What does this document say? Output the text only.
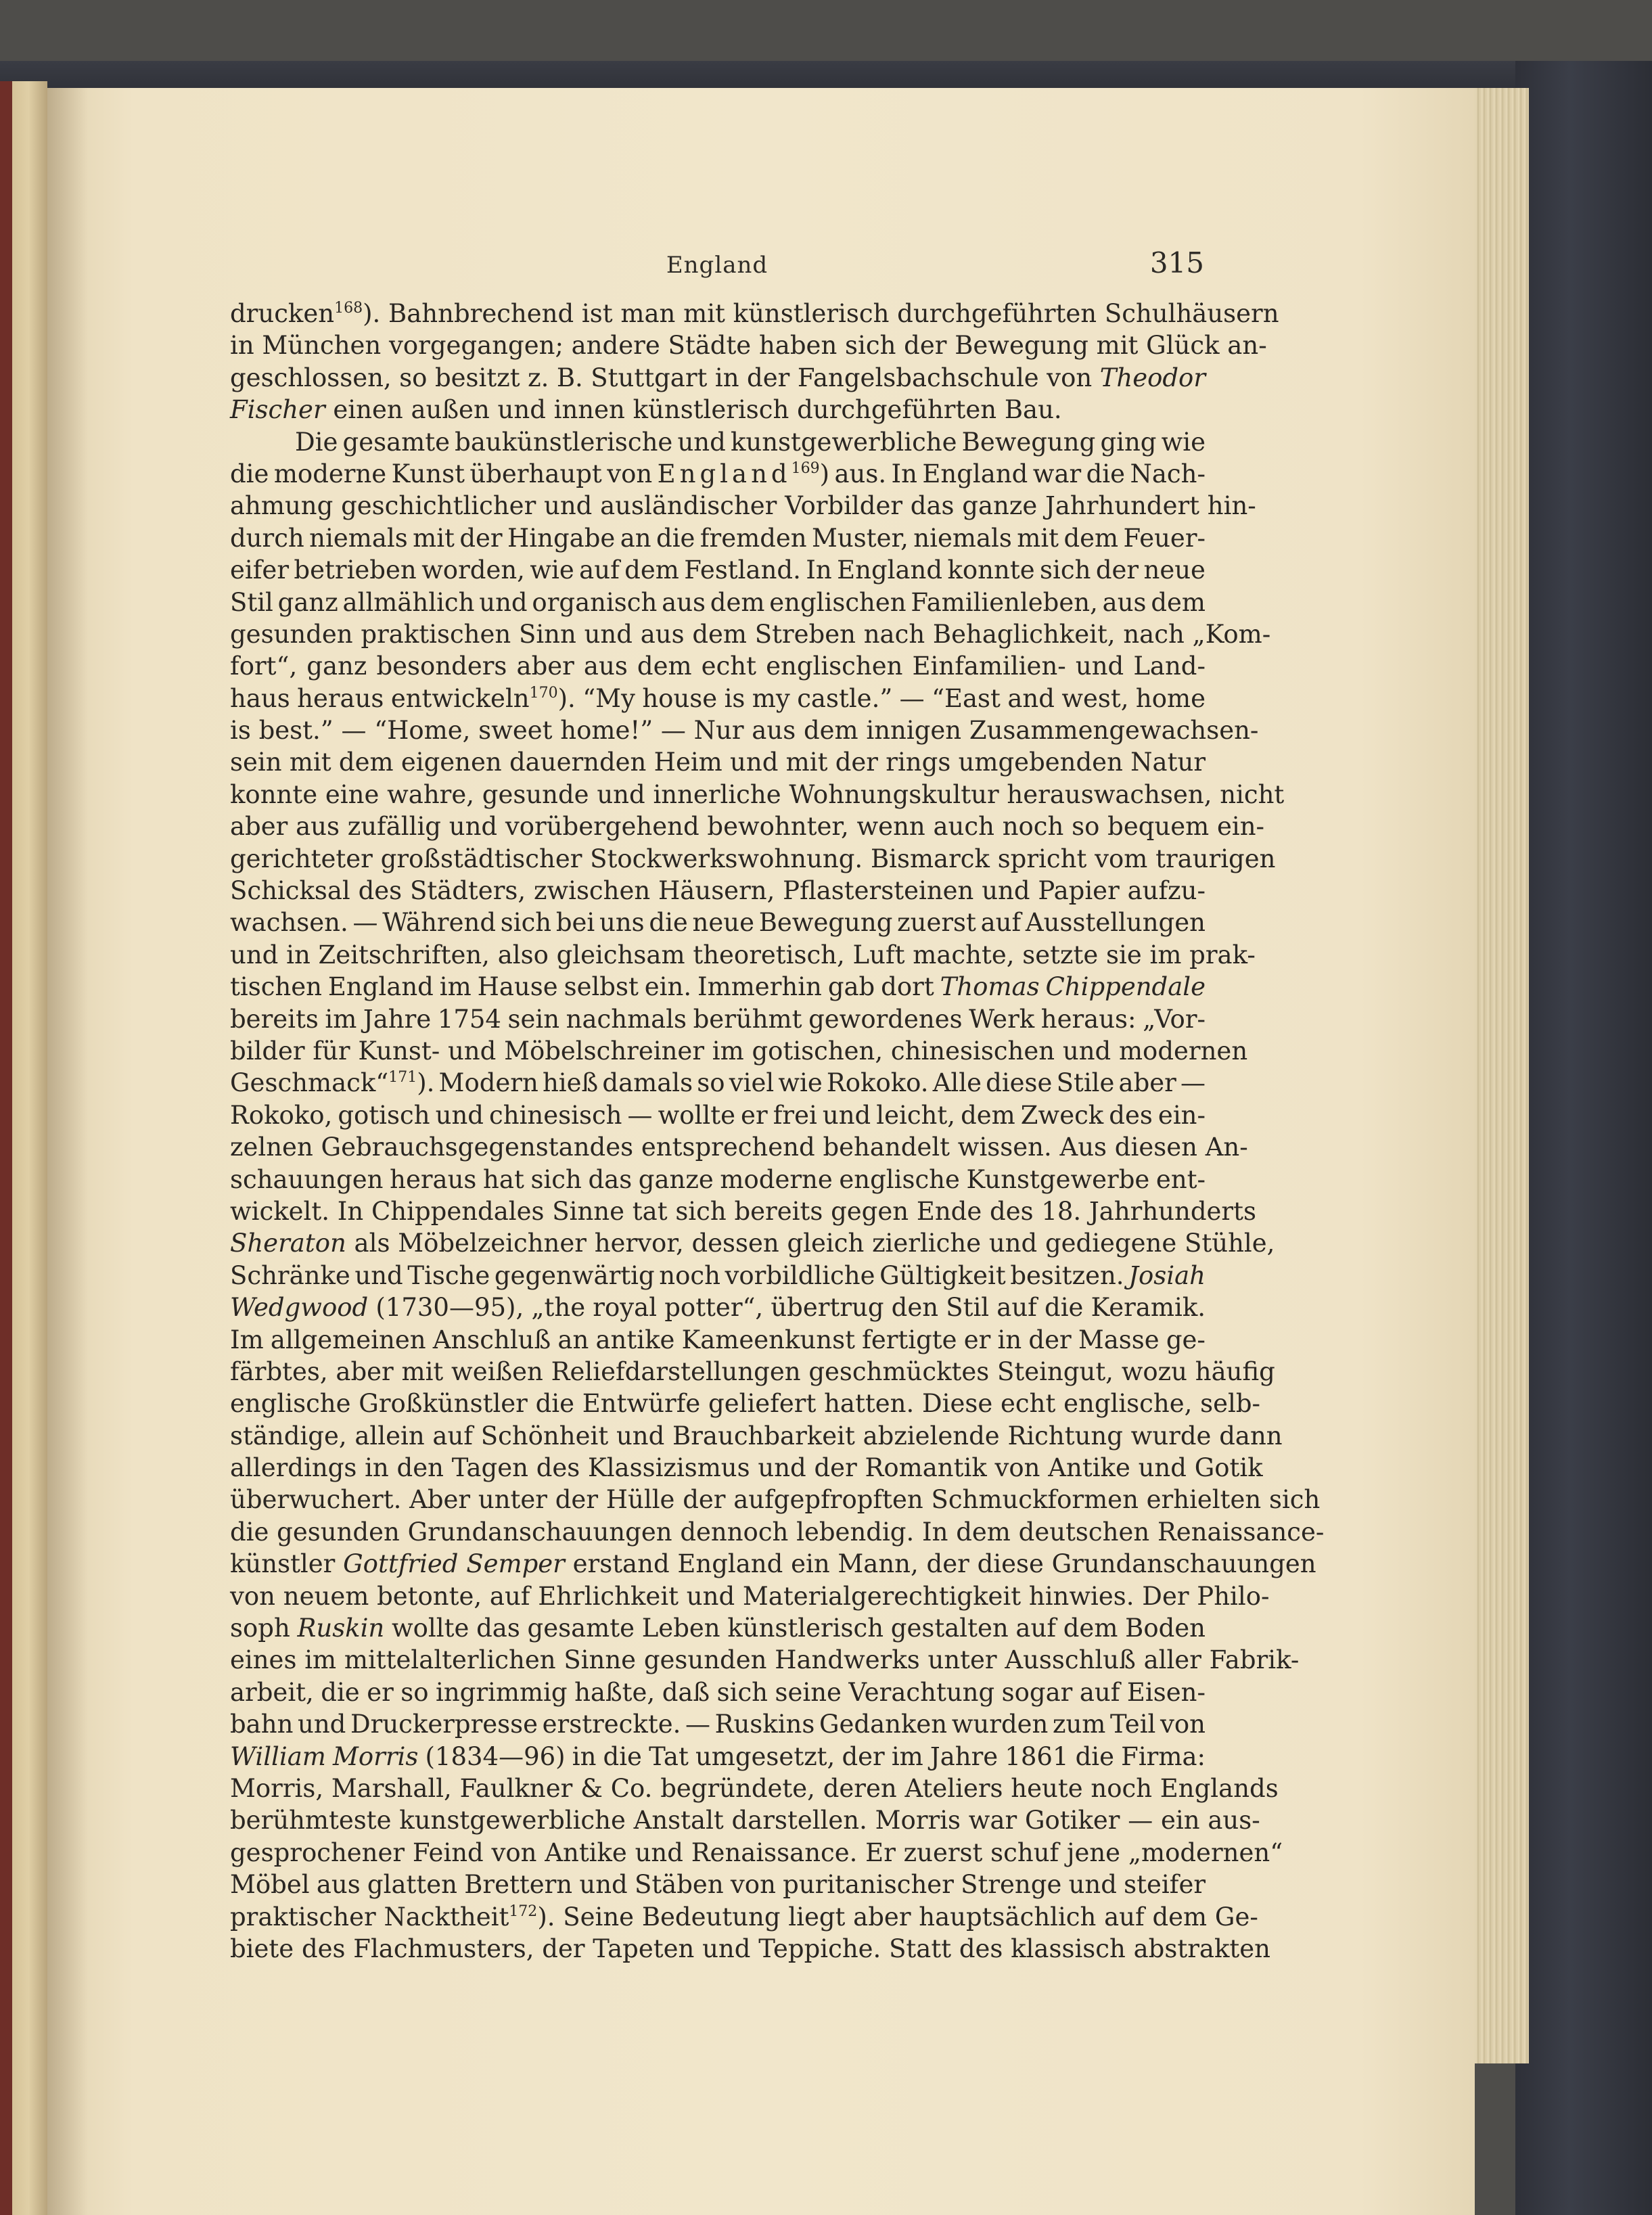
England	315
drucken$^{168}$). Bahnbrechend ist man mit künstlerisch durchgeführten Schulhäusern
in München vorgegangen; andere Städte haben sich der Bewegung mit Glück an-
geschlossen, so besitzt z. B. Stuttgart in der Fangelsbachschule von Theodor
Fischer einen außen und innen künstlerisch durchgeführten Bau.
Die gesamte baukünstlerische und kunstgewerbliche Bewegung ging wie
die moderne Kunst überhaupt von England$^{169}$) aus. In England war die Nach-
ahmung geschichtlicher und ausländischer Vorbilder das ganze Jahrhundert hin-
durch niemals mit der Hingabe an die fremden Muster, niemals mit dem Feuer-
eifer betrieben worden, wie auf dem Festland. In England konnte sich der neue
Stil ganz allmählich und organisch aus dem englischen Familienleben, aus dem
gesunden praktischen Sinn und aus dem Streben nach Behaglichkeit, nach „Kom-
fort“, ganz besonders aber aus dem echt englischen Einfamilien- und Land-
haus heraus entwickeln$^{170}$). “My house is my castle.” — “East and west, home
is best.” — “Home, sweet home!” — Nur aus dem innigen Zusammengewachsen-
sein mit dem eigenen dauernden Heim und mit der rings umgebenden Natur
konnte eine wahre, gesunde und innerliche Wohnungskultur herauswachsen, nicht
aber aus zufällig und vorübergehend bewohnter, wenn auch noch so bequem ein-
gerichteter großstädtischer Stockwerkswohnung. Bismarck spricht vom traurigen
Schicksal des Städters, zwischen Häusern, Pflastersteinen und Papier aufzu-
wachsen. — Während sich bei uns die neue Bewegung zuerst auf Ausstellungen
und in Zeitschriften, also gleichsam theoretisch, Luft machte, setzte sie im prak-
tischen England im Hause selbst ein. Immerhin gab dort Thomas Chippendale
bereits im Jahre 1754 sein nachmals berühmt gewordenes Werk heraus: „Vor-
bilder für Kunst- und Möbelschreiner im gotischen, chinesischen und modernen
Geschmack“$^{171}$). Modern hieß damals so viel wie Rokoko. Alle diese Stile aber —
Rokoko, gotisch und chinesisch — wollte er frei und leicht, dem Zweck des ein-
zelnen Gebrauchsgegenstandes entsprechend behandelt wissen. Aus diesen An-
schauungen heraus hat sich das ganze moderne englische Kunstgewerbe ent-
wickelt. In Chippendales Sinne tat sich bereits gegen Ende des 18. Jahrhunderts
Sheraton als Möbelzeichner hervor, dessen gleich zierliche und gediegene Stühle,
Schränke und Tische gegenwärtig noch vorbildliche Gültigkeit besitzen. Josiah
Wedgwood (1730—95), „the royal potter“, übertrug den Stil auf die Keramik.
Im allgemeinen Anschluß an antike Kameenkunst fertigte er in der Masse ge-
färbtes, aber mit weißen Reliefdarstellungen geschmücktes Steingut, wozu häufig
englische Großkünstler die Entwürfe geliefert hatten. Diese echt englische, selb-
ständige, allein auf Schönheit und Brauchbarkeit abzielende Richtung wurde dann
allerdings in den Tagen des Klassizismus und der Romantik von Antike und Gotik
überwuchert. Aber unter der Hülle der aufgepfropften Schmuckformen erhielten sich
die gesunden Grundanschauungen dennoch lebendig. In dem deutschen Renaissance-
künstler Gottfried Semper erstand England ein Mann, der diese Grundanschauungen
von neuem betonte, auf Ehrlichkeit und Materialgerechtigkeit hinwies. Der Philo-
soph Ruskin wollte das gesamte Leben künstlerisch gestalten auf dem Boden
eines im mittelalterlichen Sinne gesunden Handwerks unter Ausschluß aller Fabrik-
arbeit, die er so ingrimmig haßte, daß sich seine Verachtung sogar auf Eisen-
bahn und Druckerpresse erstreckte. — Ruskins Gedanken wurden zum Teil von
William Morris (1834—96) in die Tat umgesetzt, der im Jahre 1861 die Firma:
Morris, Marshall, Faulkner & Co. begründete, deren Ateliers heute noch Englands
berühmteste kunstgewerbliche Anstalt darstellen. Morris war Gotiker — ein aus-
gesprochener Feind von Antike und Renaissance. Er zuerst schuf jene „modernen“
Möbel aus glatten Brettern und Stäben von puritanischer Strenge und steifer
praktischer Nacktheit$^{172}$). Seine Bedeutung liegt aber hauptsächlich auf dem Ge-
biete des Flachmusters, der Tapeten und Teppiche. Statt des klassisch abstrakten
